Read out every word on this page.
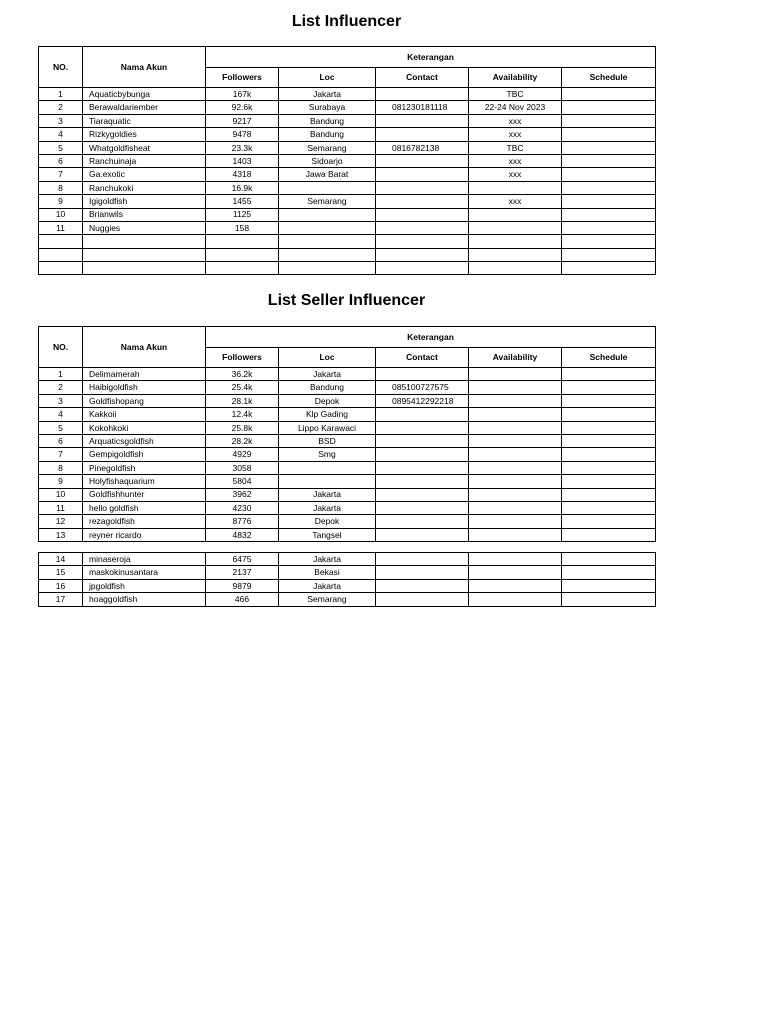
List Influencer
NO.	Nama Akun	Keterangan				
		Followers	Loc	Contact	Availability	Schedule
1	Aquaticbybunga	167k	Jakarta		TBC	
2	Berawaldariember	92.6k	Surabaya	081230181118	22-24 Nov 2023	
3	Tiaraquatic	9217	Bandung		xxx	
4	Rizkygoldies	9478	Bandung		xxx	
5	Whatgoldfisheat	23.3k	Semarang	0816782138	TBC	
6	Ranchuinaja	1403	Sidoarjo		xxx	
7	Ga.exotic	4318	Jawa Barat		xxx	
8	Ranchukoki	16.9k				
9	Igigoldfish	1455	Semarang		xxx	
10	Brianwils	1125				
11	Nuggies	158				

List Seller Influencer
NO.	Nama Akun	Keterangan				
		Followers	Loc	Contact	Availability	Schedule
1	Delimamerah	36.2k	Jakarta			
2	Haibigoldfish	25.4k	Bandung	085100727575		
3	Goldfishopang	28.1k	Depok	0895412292218		
4	Kakkoii	12.4k	Klp Gading			
5	Kokohkoki	25.8k	Lippo Karawaci			
6	Arquaticsgoldfish	28.2k	BSD			
7	Gempigoldfish	4929	Smg			
8	Pinegoldfish	3058				
9	Holyfishaquarium	5804				
10	Goldfishhunter	3962	Jakarta			
11	hello goldfish	4230	Jakarta			
12	rezagoldfish	8776	Depok			
13	reyner ricardo	4832	Tangsel			
14	minaseroja	6475	Jakarta			
15	maskokinusantara	2137	Bekasi			
16	jpgoldfish	9879	Jakarta			
17	hoaggoldfish	466	Semarang			
